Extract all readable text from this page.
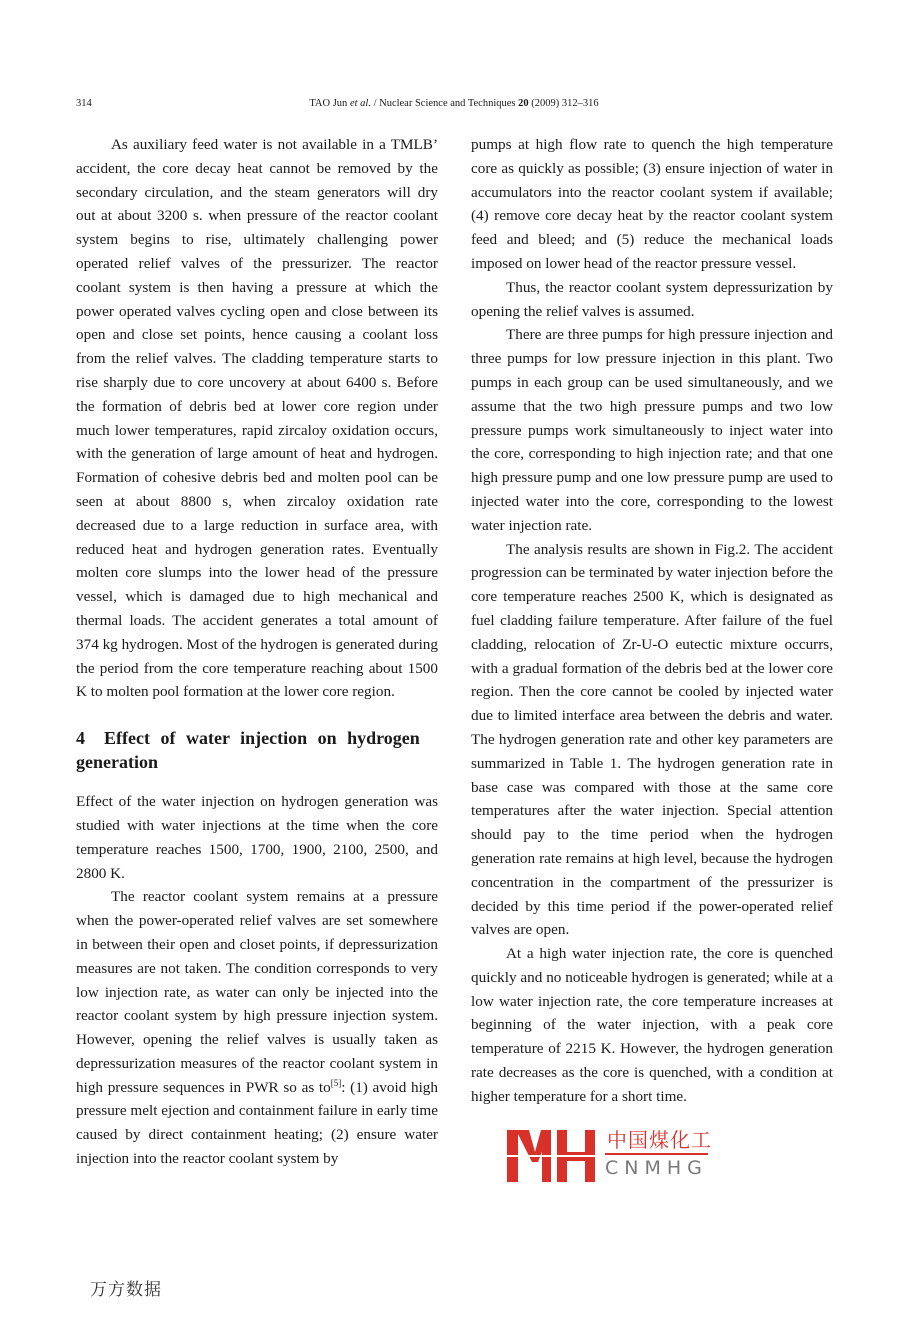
314	TAO Jun et al. / Nuclear Science and Techniques 20 (2009) 312–316

As auxiliary feed water is not available in a TMLB’ accident, the core decay heat cannot be removed by the secondary circulation, and the steam generators will dry out at about 3200 s. when pressure of the reactor coolant system begins to rise, ultimately challenging power operated relief valves of the pressurizer. The reactor coolant system is then having a pressure at which the power operated valves cycling open and close between its open and close set points, hence causing a coolant loss from the relief valves. The cladding temperature starts to rise sharply due to core uncovery at about 6400 s. Before the formation of debris bed at lower core region under much lower temperatures, rapid zircaloy oxidation occurs, with the generation of large amount of heat and hydrogen. Formation of cohesive debris bed and molten pool can be seen at about 8800 s, when zircaloy oxidation rate decreased due to a large reduction in surface area, with reduced heat and hydrogen generation rates. Eventually molten core slumps into the lower head of the pressure vessel, which is damaged due to high mechanical and thermal loads. The accident generates a total amount of 374 kg hydrogen. Most of the hydrogen is generated during the period from the core temperature reaching about 1500 K to molten pool formation at the lower core region.

4 Effect of water injection on hydrogen generation

Effect of the water injection on hydrogen generation was studied with water injections at the time when the core temperature reaches 1500, 1700, 1900, 2100, 2500, and 2800 K.

The reactor coolant system remains at a pressure when the power-operated relief valves are set somewhere in between their open and closet points, if depressurization measures are not taken. The condition corresponds to very low injection rate, as water can only be injected into the reactor coolant system by high pressure injection system. However, opening the relief valves is usually taken as depressurization measures of the reactor coolant system in high pressure sequences in PWR so as to[5]: (1) avoid high pressure melt ejection and containment failure in early time caused by direct containment heating; (2) ensure water injection into the reactor coolant system by

pumps at high flow rate to quench the high temperature core as quickly as possible; (3) ensure injection of water in accumulators into the reactor coolant system if available; (4) remove core decay heat by the reactor coolant system feed and bleed; and (5) reduce the mechanical loads imposed on lower head of the reactor pressure vessel.

Thus, the reactor coolant system depressurization by opening the relief valves is assumed.

There are three pumps for high pressure injection and three pumps for low pressure injection in this plant. Two pumps in each group can be used simultaneously, and we assume that the two high pressure pumps and two low pressure pumps work simultaneously to inject water into the core, corresponding to high injection rate; and that one high pressure pump and one low pressure pump are used to injected water into the core, corresponding to the lowest water injection rate.

The analysis results are shown in Fig.2. The accident progression can be terminated by water injection before the core temperature reaches 2500 K, which is designated as fuel cladding failure temperature. After failure of the fuel cladding, relocation of Zr-U-O eutectic mixture occurrs, with a gradual formation of the debris bed at the lower core region. Then the core cannot be cooled by injected water due to limited interface area between the debris and water. The hydrogen generation rate and other key parameters are summarized in Table 1. The hydrogen generation rate in base case was compared with those at the same core temperatures after the water injection. Special attention should pay to the time period when the hydrogen generation rate remains at high level, because the hydrogen concentration in the compartment of the pressurizer is decided by this time period if the power-operated relief valves are open.

At a high water injection rate, the core is quenched quickly and no noticeable hydrogen is generated; while at a low water injection rate, the core temperature increases at beginning of the water injection, with a peak core temperature of 2215 K. However, the hydrogen generation rate decreases as the core is quenched, with a condition at higher temperature for a short time.

中国煤化工
CNMHG
万方数据
